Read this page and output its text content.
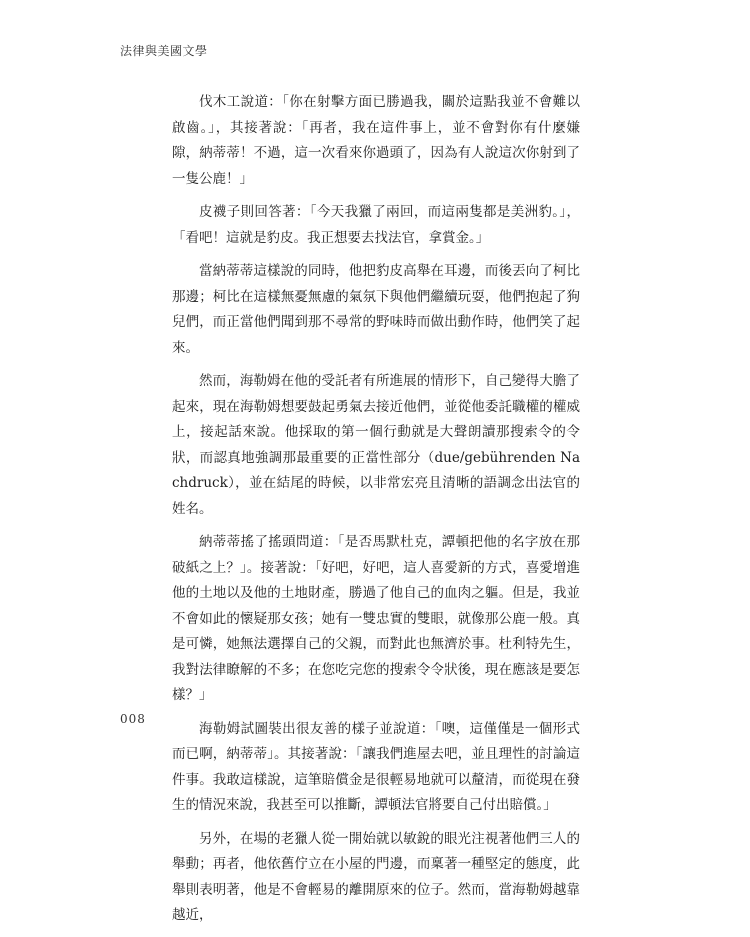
法律與美國文學

伐木工說道：「你在射擊方面已勝過我，關於這點我並不會難以啟齒。」，其接著說：「再者，我在這件事上，並不會對你有什麼嫌隙，納蒂蒂！不過，這一次看來你過頭了，因為有人說這次你射到了一隻公鹿！」

皮襪子則回答著：「今天我獵了兩回，而這兩隻都是美洲豹。」，「看吧！這就是豹皮。我正想要去找法官，拿賞金。」

當納蒂蒂這樣說的同時，他把豹皮高舉在耳邊，而後丟向了柯比那邊；柯比在這樣無憂無慮的氣氛下與他們繼續玩耍，他們抱起了狗兒們，而正當他們聞到那不尋常的野味時而做出動作時，他們笑了起來。

然而，海勒姆在他的受託者有所進展的情形下，自己變得大膽了起來，現在海勒姆想要鼓起勇氣去接近他們，並從他委託職權的權威上，接起話來說。他採取的第一個行動就是大聲朗讀那搜索令的令狀，而認真地強調那最重要的正當性部分（due/gebührenden Nachdruck），並在結尾的時候，以非常宏亮且清晰的語調念出法官的姓名。

納蒂蒂搖了搖頭問道：「是否馬默杜克，譚頓把他的名字放在那破紙之上？」。接著說：「好吧，好吧，這人喜愛新的方式，喜愛增進他的土地以及他的土地財產，勝過了他自己的血肉之軀。但是，我並不會如此的懷疑那女孩；她有一雙忠實的雙眼，就像那公鹿一般。真是可憐，她無法選擇自己的父親，而對此也無濟於事。杜利特先生，我對法律瞭解的不多；在您吃完您的搜索令令狀後，現在應該是要怎樣？」

海勒姆試圖裝出很友善的樣子並說道：「噢，這僅僅是一個形式而已啊，納蒂蒂」。其接著說：「讓我們進屋去吧，並且理性的討論這件事。我敢這樣說，這筆賠償金是很輕易地就可以釐清，而從現在發生的情況來說，我甚至可以推斷，譚頓法官將要自己付出賠償。」

另外，在場的老獵人從一開始就以敏銳的眼光注視著他們三人的舉動；再者，他依舊佇立在小屋的門邊，而稟著一種堅定的態度，此舉則表明著，他是不會輕易的離開原來的位子。然而，當海勒姆越靠越近，

008
